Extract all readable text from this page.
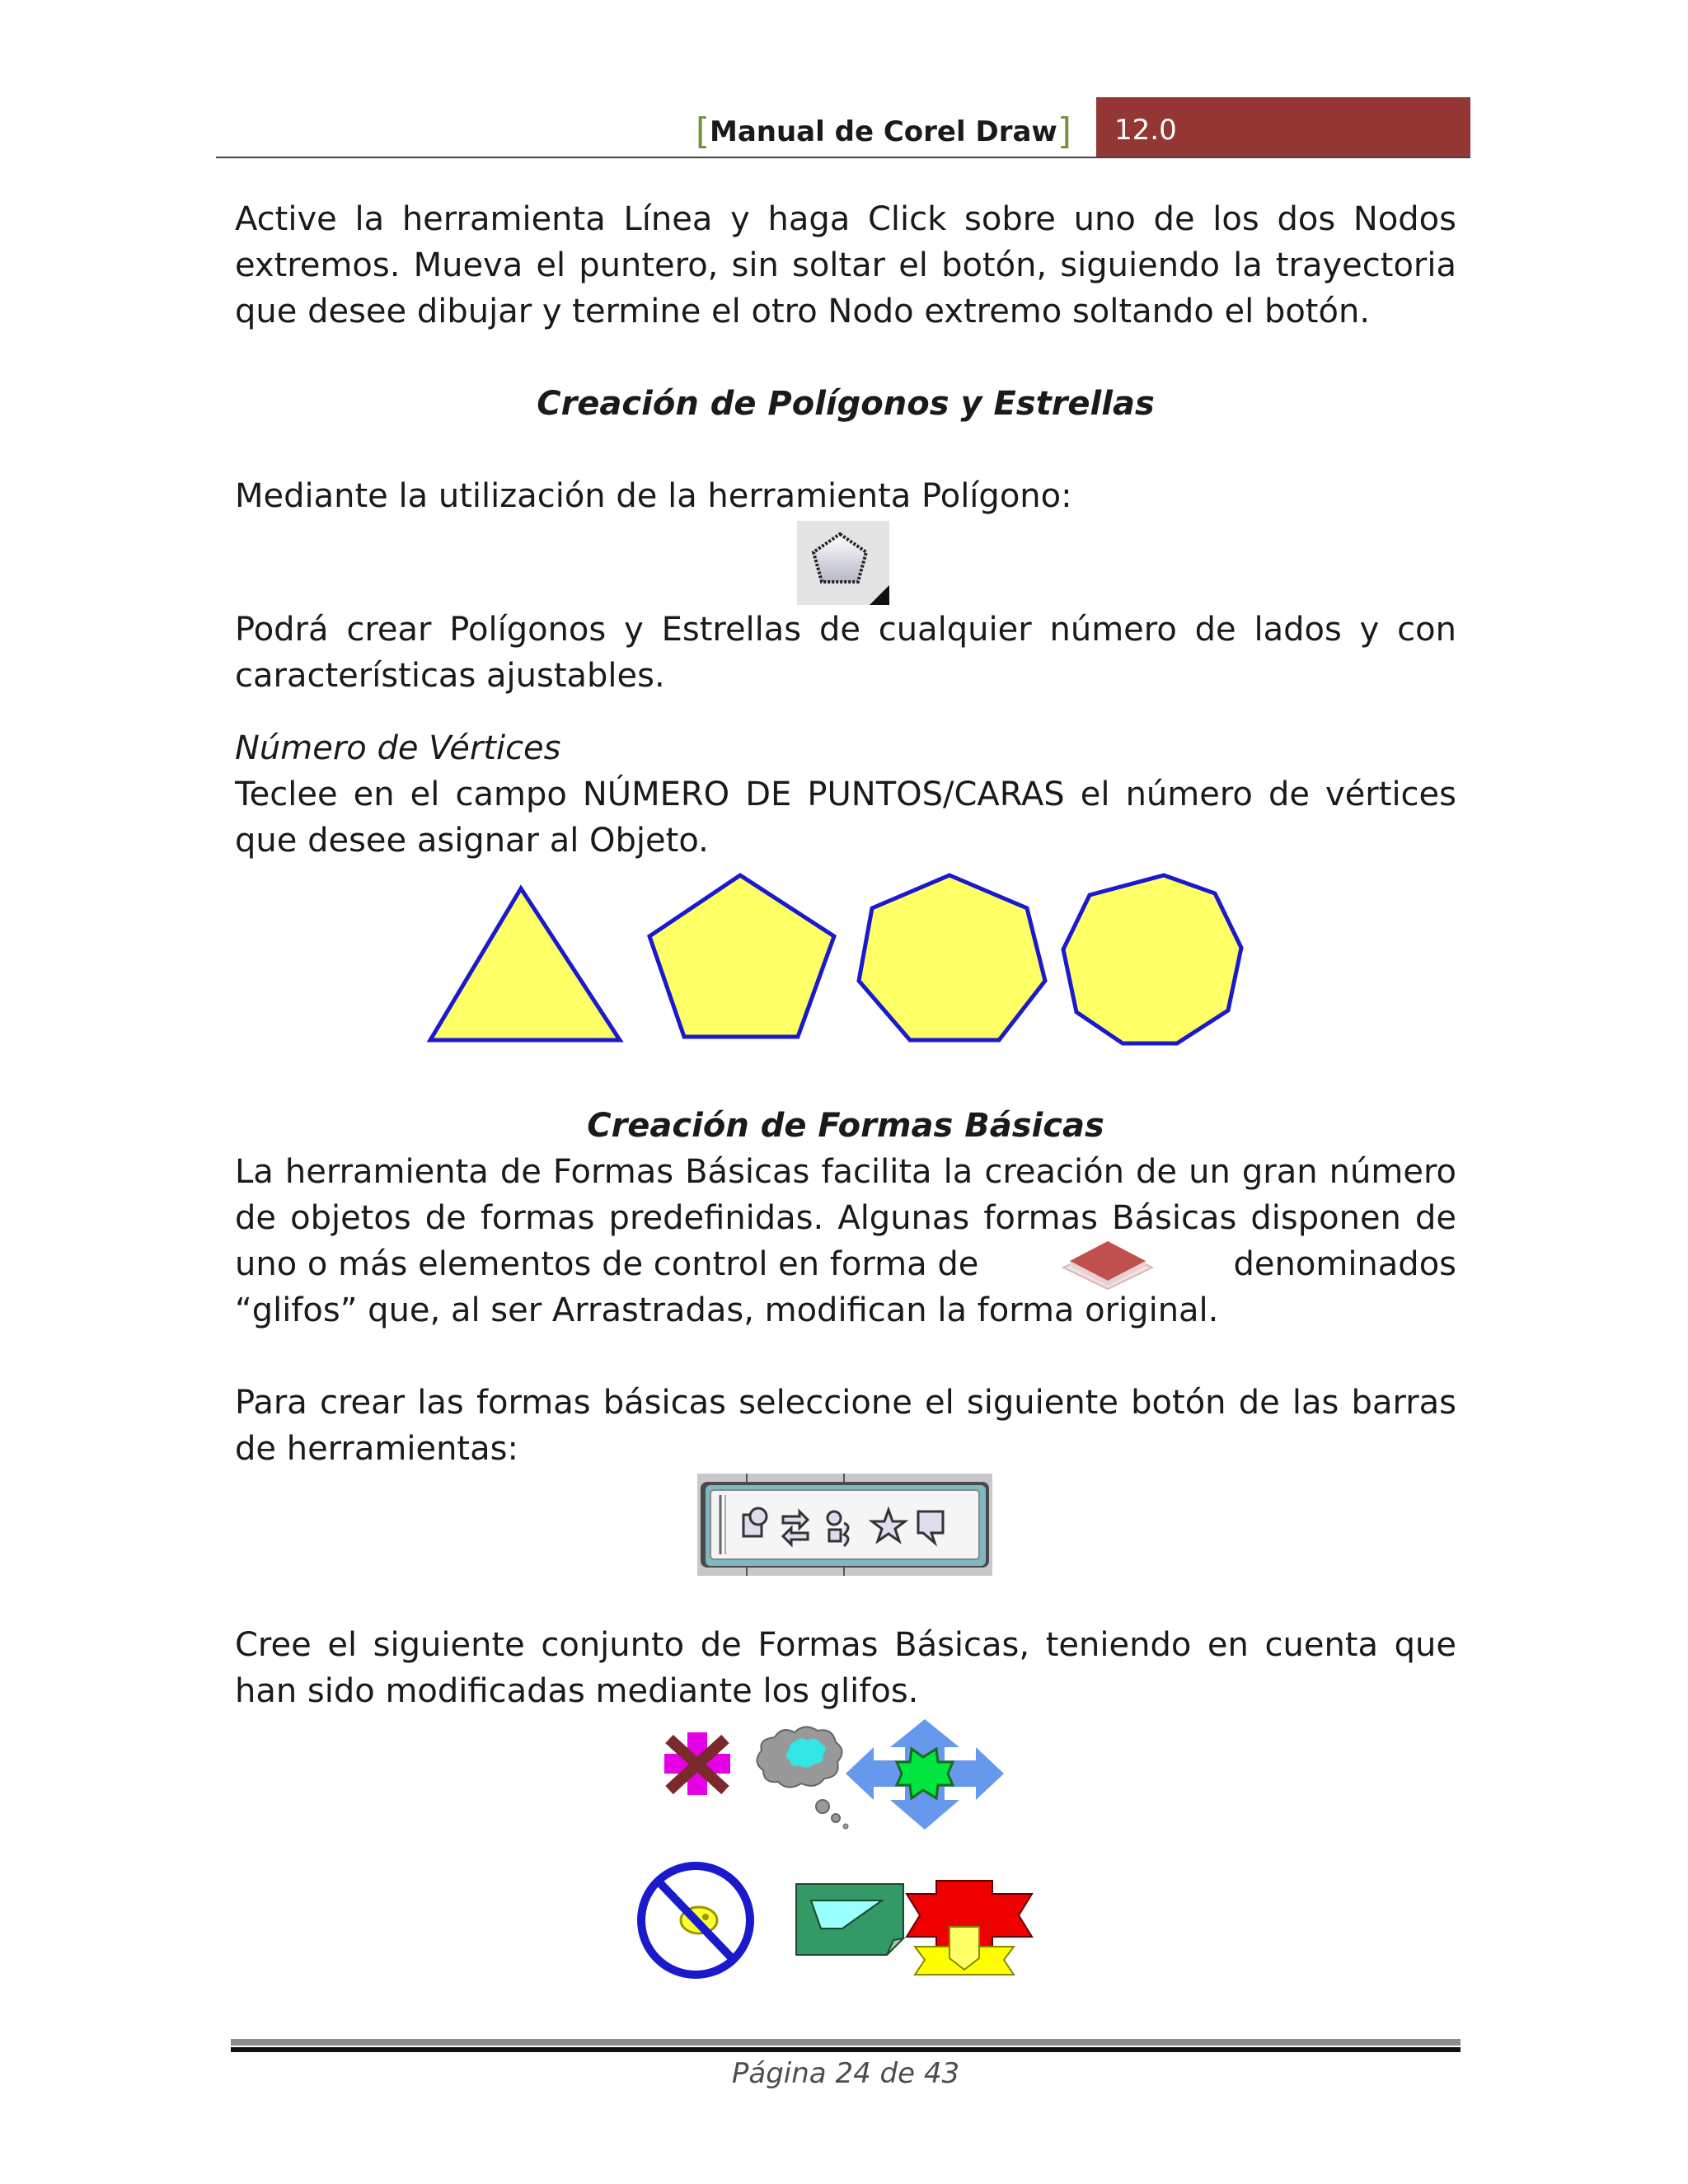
[Manual de Corel Draw] 12.0
Active la herramienta Línea y haga Click sobre uno de los dos Nodos
extremos. Mueva el puntero, sin soltar el botón, siguiendo la trayectoria
que desee dibujar y termine el otro Nodo extremo soltando el botón.
Creación de Polígonos y Estrellas
Mediante la utilización de la herramienta Polígono:
Podrá crear Polígonos y Estrellas de cualquier número de lados y con
características ajustables.
Número de Vértices
Teclee en el campo NÚMERO DE PUNTOS/CARAS el número de vértices
que desee asignar al Objeto.
Creación de Formas Básicas
La herramienta de Formas Básicas facilita la creación de un gran número
de objetos de formas predefinidas. Algunas formas Básicas disponen de
uno o más elementos de control en forma de	denominados
“glifos” que, al ser Arrastradas, modifican la forma original.
Para crear las formas básicas seleccione el siguiente botón de las barras
de herramientas:
Cree el siguiente conjunto de Formas Básicas, teniendo en cuenta que
han sido modificadas mediante los glifos.
Página 24 de 43
